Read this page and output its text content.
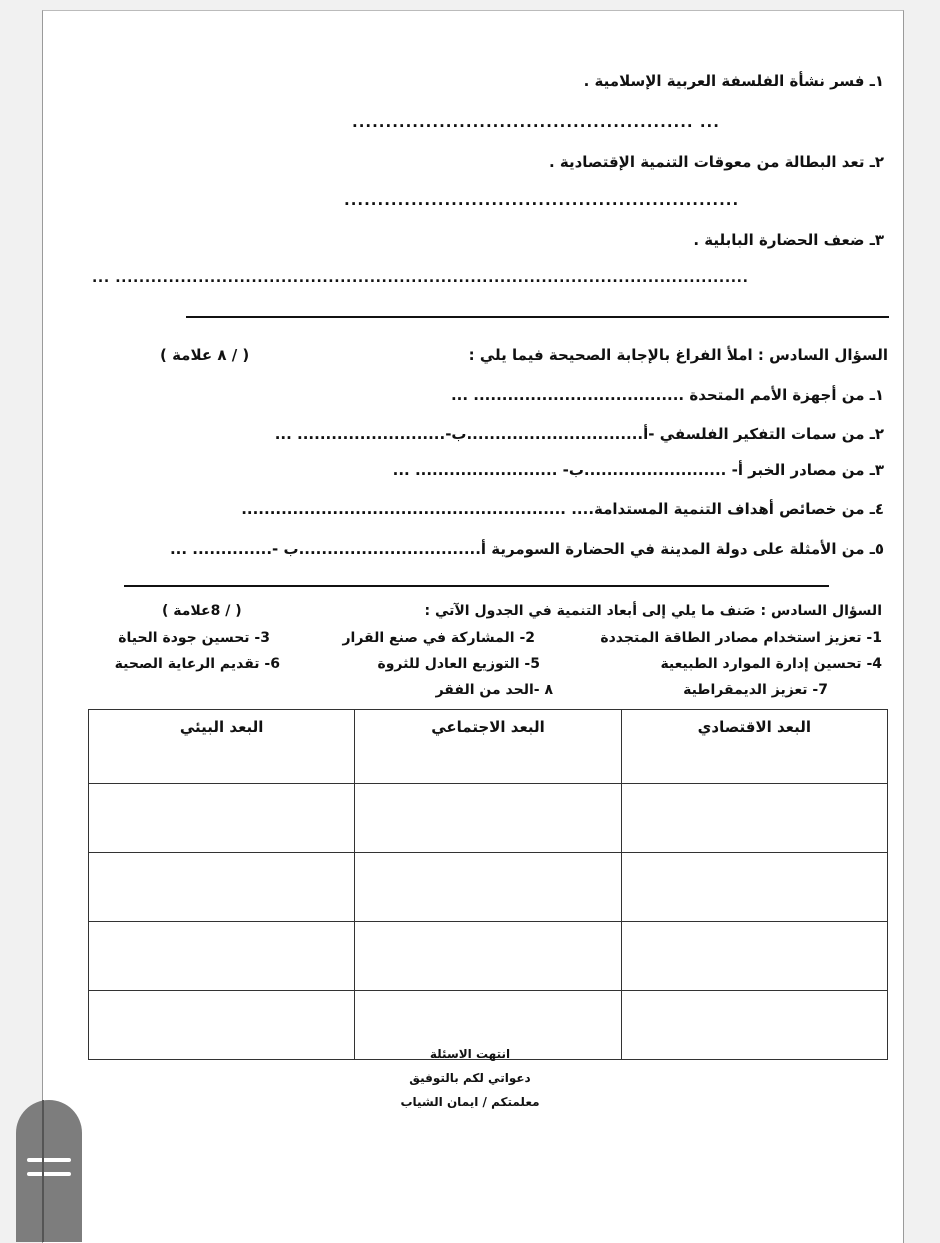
١ـ فسر نشأة الفلسفة العربية الإسلامية .
................................................... ...
٢ـ تعد البطالة من معوقات التنمية الإقتصادية .
...........................................................
٣ـ ضعف الحضارة البابلية .
... ...........................................................................................................
السؤال السادس : املأ الفراغ بالإجابة الصحيحة فيما يلي :
( / ٨ علامة )
١ـ من أجهزة الأمم المتحدة ..................................... ...
٢ـ من سمات التفكير الفلسفي -أ...............................ب-.......................... ...
٣ـ من مصادر الخبر أ- .........................ب- ......................... ...
٤ـ من خصائص أهداف التنمية المستدامة.... .........................................................
٥ـ من الأمثلة على دولة المدينة في الحضارة السومرية أ................................ب -.............. ...
السؤال السادس : صَنف ما يلي إلى أبعاد التنمية في الجدول الآتي :
( / 8علامة )
1- تعزيز استخدام مصادر الطاقة المتجددة
2- المشاركة في صنع القرار
3- تحسين جودة الحياة
4- تحسين إدارة الموارد الطبيعية
5- التوزيع العادل للثروة
6- تقديم الرعاية الصحية
7- تعزيز الديمقراطية
٨ -الحد من الفقر
البعد الاقتصادي	البعد الاجتماعي	البعد البيئي

انتهت الاسئلة
دعواتي لكم بالتوفيق
معلمتكم / ايمان الشياب
